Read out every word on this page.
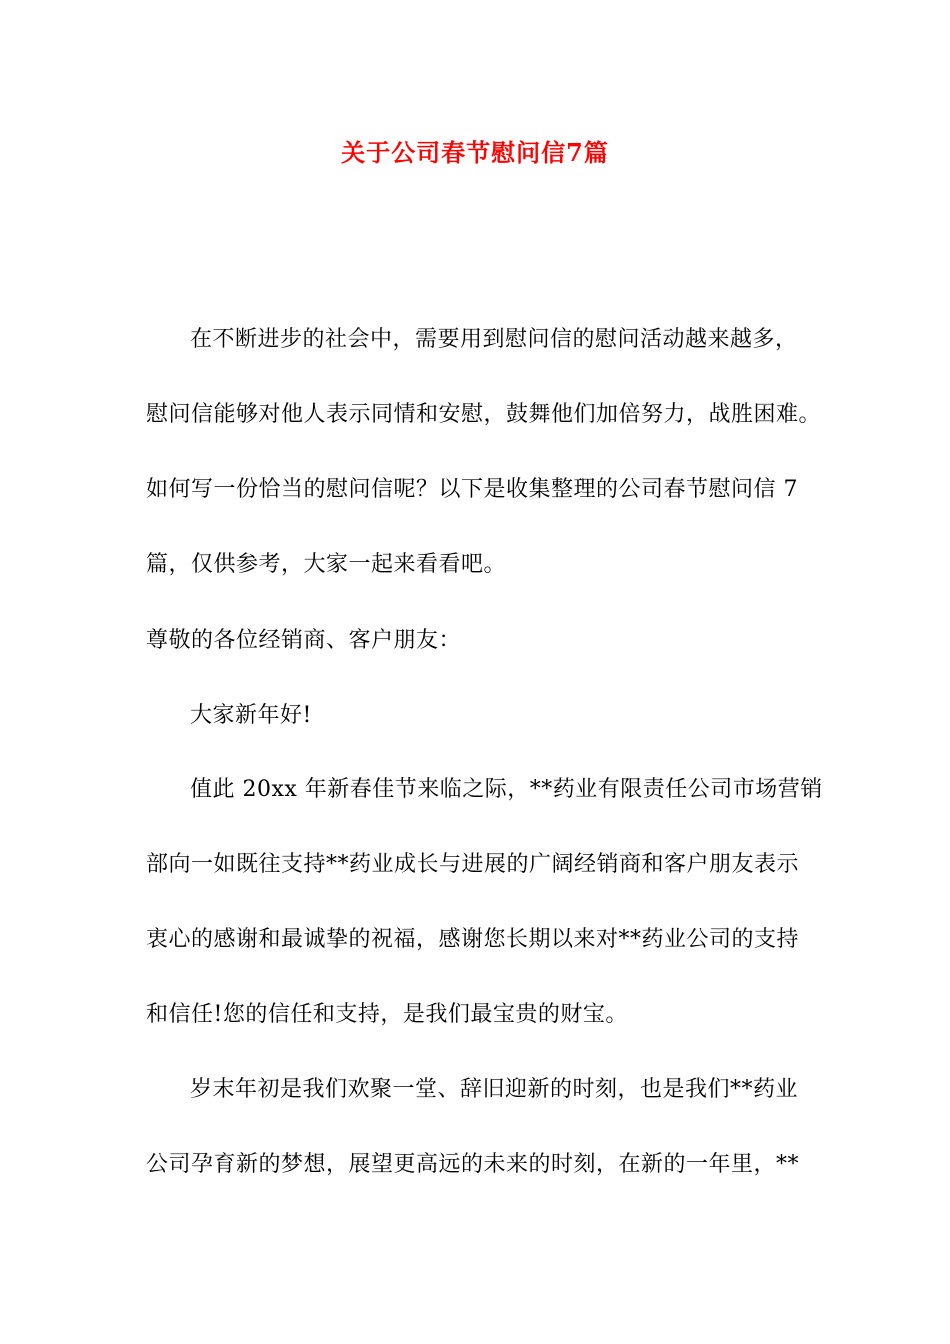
关于公司春节慰问信7篇
在不断进步的社会中，需要用到慰问信的慰问活动越来越多，
慰问信能够对他人表示同情和安慰，鼓舞他们加倍努力，战胜困难。
如何写一份恰当的慰问信呢？以下是收集整理的公司春节慰问信 7
篇，仅供参考，大家一起来看看吧。
尊敬的各位经销商、客户朋友：
大家新年好!
值此 20xx 年新春佳节来临之际，**药业有限责任公司市场营销
部向一如既往支持**药业成长与进展的广阔经销商和客户朋友表示
衷心的感谢和最诚挚的祝福，感谢您长期以来对**药业公司的支持
和信任!您的信任和支持，是我们最宝贵的财宝。
岁末年初是我们欢聚一堂、辞旧迎新的时刻，也是我们**药业
公司孕育新的梦想，展望更高远的未来的时刻，在新的一年里，**
